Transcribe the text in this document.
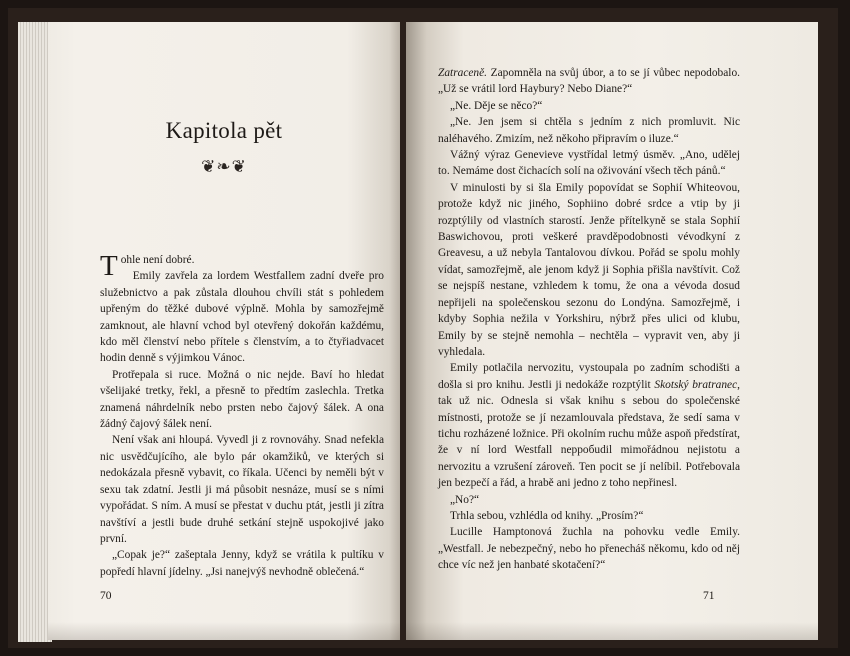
Kapitola pět
❦❧❦

Tohle není dobré.

Emily zavřela za lordem Westfallem zadní dveře pro služebnictvo a pak zůstala dlouhou chvíli stát s pohledem upřeným do těžké dubové výplně. Mohla by samozřejmě zamknout, ale hlavní vchod byl otevřený dokořán každému, kdo měl členství nebo přítele s členstvím, a to čtyřiadvacet hodin denně s výjimkou Vánoc.

Protřepala si ruce. Možná o nic nejde. Baví ho hledat všelijaké tretky, řekl, a přesně to předtím zaslechla. Tretka znamená náhrdelník nebo prsten nebo čajový šálek. A ona žádný čajový šálek není.

Není však ani hloupá. Vyvedl ji z rovnováhy. Snad nefekla nic usvědčujícího, ale bylo pár okamžiků, ve kterých si nedokázala přesně vybavit, co říkala. Učenci by neměli být v sexu tak zdatní. Jestli ji má působit nesnáze, musí se s ními vypořádat. S ním. A musí se přestat v duchu ptát, jestli ji zítra navštíví a jestli bude druhé setkání stejně uspokojivé jako první.

„Copak je?“ zašeptala Jenny, když se vrátila k pultíku v popředí hlavní jídelny. „Jsi nanejvýš nevhodně oblečená.“

70

Zatraceně. Zapomněla na svůj úbor, a to se jí vůbec nepodobalo. „Už se vrátil lord Haybury? Nebo Diane?“

„Ne. Děje se něco?“

„Ne. Jen jsem si chtěla s jedním z nich promluvit. Nic naléhavého. Zmizím, než někoho připravím o iluze.“

Vážný výraz Genevieve vystřídal letmý úsměv. „Ano, udělej to. Nemáme dost čichacích solí na oživování všech těch pánů.“

V minulosti by si šla Emily popovídat se Sophií Whiteovou, protože když nic jiného, Sophiino dobré srdce a vtip by ji rozptýlily od vlastních starostí. Jenže přítelkyně se stala Sophií Baswichovou, proti veškeré pravděpodobnosti vévodkyní z Greavesu, a už nebyla Tantalovou dívkou. Pořád se spolu mohly vídat, samozřejmě, ale jenom když ji Sophia přišla navštívit. Což se nejspíš nestane, vzhledem k tomu, že ona a vévoda dosud nepřijeli na společenskou sezonu do Londýna. Samozřejmě, i kdyby Sophia nežila v Yorkshiru, nýbrž přes ulici od klubu, Emily by se stejně nemohla – nechtěla – vypravit ven, aby ji vyhledala.

Emily potlačila nervozitu, vystoupala po zadním schodišti a došla si pro knihu. Jestli ji nedokáže rozptýlit Skotský bratranec, tak už nic. Odnesla si však knihu s sebou do společenské místnosti, protože se jí nezamlouvala představa, že sedí sama v tichu rozházené ložnice. Při okolním ruchu může aspoň předstírat, že v ní lord Westfall nepробudil mimořádnou nejistotu a nervozitu a vzrušení zároveň. Ten pocit se jí nelíbil. Potřebovala jen bezpečí a řád, a hrabě ani jedno z toho nepřinesl.

„No?“

Trhla sebou, vzhlédla od knihy. „Prosím?“

Lucille Hamptonová žuchla na pohovku vedle Emily. „Westfall. Je nebezpečný, nebo ho přenecháš někomu, kdo od něj chce víc než jen hanbaté skotačení?“

71
